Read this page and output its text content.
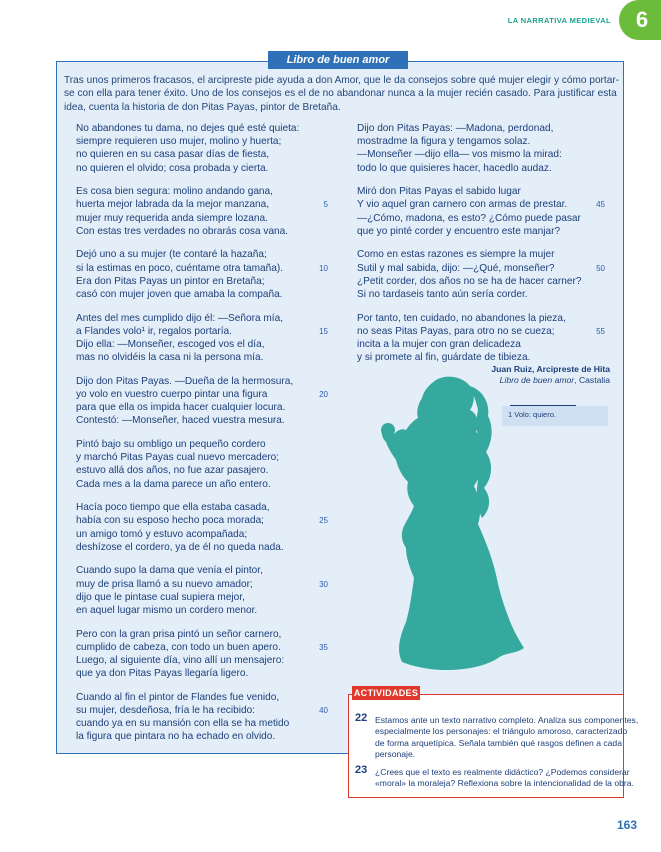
LA NARRATIVA MEDIEVAL	6
Libro de buen amor
Tras unos primeros fracasos, el arcipreste pide ayuda a don Amor, que le da consejos sobre qué mujer elegir y cómo portar-
se con ella para tener éxito. Uno de los consejos es el de no abandonar nunca a la mujer recién casado. Para justificar esta
idea, cuenta la historia de don Pitas Payas, pintor de Bretaña.
No abandones tu dama, no dejes qué esté quieta:
siempre requieren uso mujer, molino y huerta;
no quieren en su casa pasar días de fiesta,
no quieren el olvido; cosa probada y cierta.
Es cosa bien segura: molino andando gana,
huerta mejor labrada da la mejor manzana,
mujer muy requerida anda siempre lozana.
Con estas tres verdades no obrarás cosa vana.
5
Dejó uno a su mujer (te contaré la hazaña;
si la estimas en poco, cuéntame otra tamaña).
Era don Pitas Payas un pintor en Bretaña;
casó con mujer joven que amaba la compaña.
10
Antes del mes cumplido dijo él: —Señora mía,
a Flandes volo¹ ir, regalos portaría.
Dijo ella: —Monseñer, escoged vos el día,
mas no olvidéis la casa ni la persona mía.
15
Dijo don Pitas Payas. —Dueña de la hermosura,
yo volo en vuestro cuerpo pintar una figura
para que ella os impida hacer cualquier locura.
Contestó: —Monseñer, haced vuestra mesura.
20
Pintó bajo su ombligo un pequeño cordero
y marchó Pitas Payas cual nuevo mercadero;
estuvo allá dos años, no fue azar pasajero.
Cada mes a la dama parece un año entero.
Hacía poco tiempo que ella estaba casada,
había con su esposo hecho poca morada;
un amigo tomó y estuvo acompañada;
deshízose el cordero, ya de él no queda nada.
25
Cuando supo la dama que venía el pintor,
muy de prisa llamó a su nuevo amador;
dijo que le pintase cual supiera mejor,
en aquel lugar mismo un cordero menor.
30
Pero con la gran prisa pintó un señor carnero,
cumplido de cabeza, con todo un buen apero.
Luego, al siguiente día, vino allí un mensajero:
que ya don Pitas Payas llegaría ligero.
35
Cuando al fin el pintor de Flandes fue venido,
su mujer, desdeñosa, fría le ha recibido:
cuando ya en su mansión con ella se ha metido
la figura que pintara no ha echado en olvido.
40
Dijo don Pitas Payas: —Madona, perdonad,
mostradme la figura y tengamos solaz.
—Monseñer —dijo ella— vos mismo la mirad:
todo lo que quisieres hacer, hacedlo audaz.
Miró don Pitas Payas el sabido lugar
Y vio aquel gran carnero con armas de prestar.
—¿Cómo, madona, es esto? ¿Cómo puede pasar
que yo pinté corder y encuentro este manjar?
45
Como en estas razones es siempre la mujer
Sutil y mal sabida, dijo: —¿Qué, monseñer?
¿Petit corder, dos años no se ha de hacer carner?
Si no tardaseis tanto aún sería corder.
50
Por tanto, ten cuidado, no abandones la pieza,
no seas Pitas Payas, para otro no se cueza;
incita a la mujer con gran delicadeza
y si promete al fin, guárdate de tibieza.
55
Juan Ruiz, Arcipreste de Hita
Libro de buen amor, Castalia
1 Volo: quiero.
ACTIVIDADES
22 Estamos ante un texto narrativo completo. Analiza sus componentes,
especialmente los personajes: el triángulo amoroso, caracterizado
de forma arquetípica. Señala también qué rasgos definen a cada
personaje.
23 ¿Crees que el texto es realmente didáctico? ¿Podemos considerar
«moral» la moraleja? Reflexiona sobre la intencionalidad de la obra.
163
